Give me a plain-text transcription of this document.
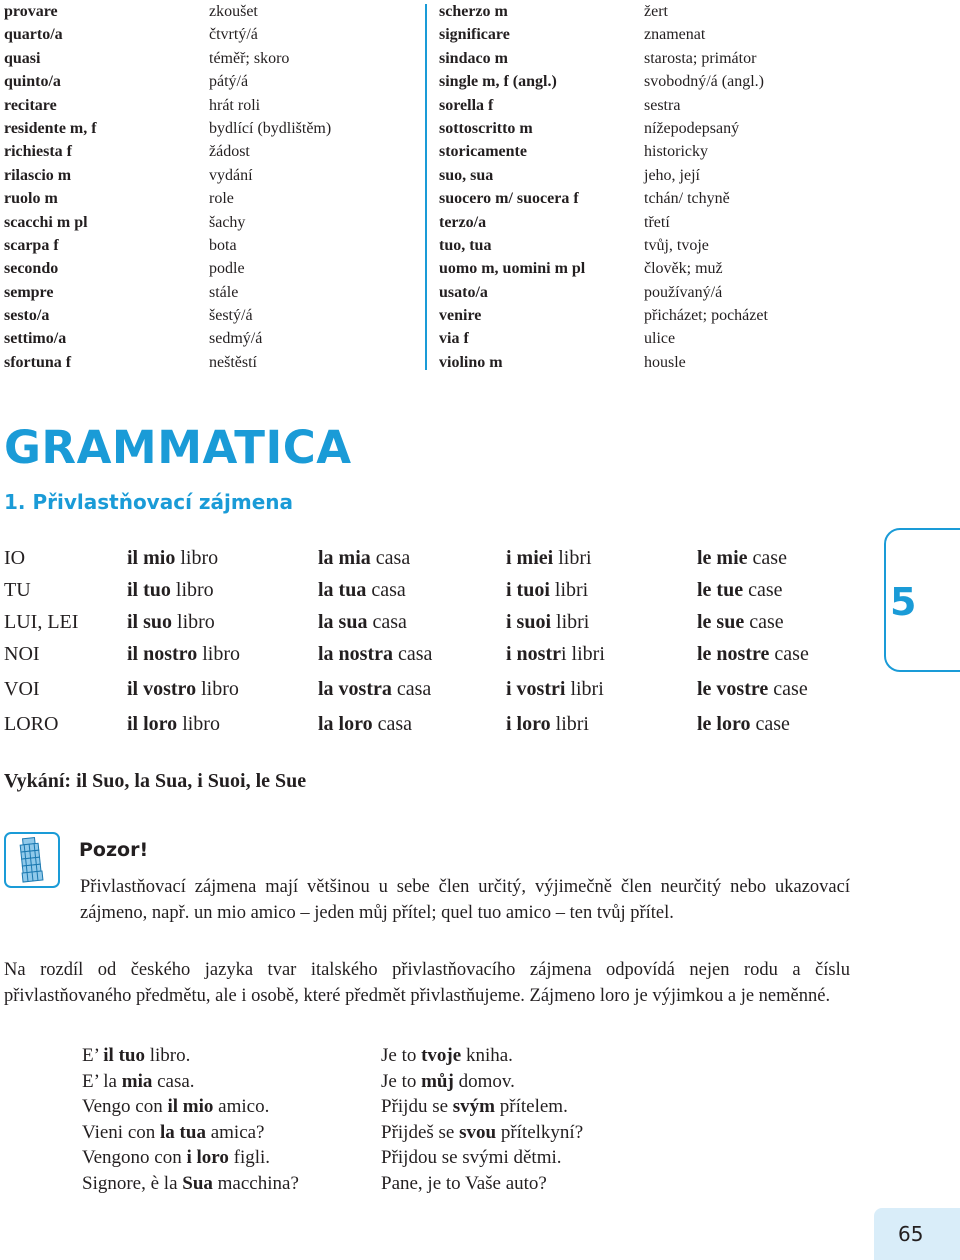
provare	zkoušet
quarto/a	čtvrtý/á
quasi	téměř; skoro
quinto/a	pátý/á
recitare	hrát roli
residente m, f	bydlící (bydlištěm)
richiesta f	žádost
rilascio m	vydání
ruolo m	role
scacchi m pl	šachy
scarpa f	bota
secondo	podle
sempre	stále
sesto/a	šestý/á
settimo/a	sedmý/á
sfortuna f	neštěstí
scherzo m	žert
significare	znamenat
sindaco m	starosta; primátor
single m, f (angl.)	svobodný/á (angl.)
sorella f	sestra
sottoscritto m	nížepodepsaný
storicamente	historicky
suo, sua	jeho, její
suocero m/ suocera f	tchán/ tchyně
terzo/a	třetí
tuo, tua	tvůj, tvoje
uomo m, uomini m pl	člověk; muž
usato/a	používaný/á
venire	přicházet; pocházet
via f	ulice
violino m	housle
GRAMMATICA
1. Přivlastňovací zájmena
IO	il mio libro	la mia casa	i miei libri	le mie case
TU	il tuo libro	la tua casa	i tuoi libri	le tue case
LUI, LEI	il suo libro	la sua casa	i suoi libri	le sue case
NOI	il nostro libro	la nostra casa	i nostri libri	le nostre case
VOI	il vostro libro	la vostra casa	i vostri libri	le vostre case
LORO	il loro libro	la loro casa	i loro libri	le loro case
5

Vykání: il Suo, la Sua, i Suoi, le Sue

Pozor!

Přivlastňovací zájmena mají většinou u sebe člen určitý, výjimečně člen neurčitý nebo ukazovací zájmeno, např. un mio amico – jeden můj přítel; quel tuo amico – ten tvůj přítel.

Na rozdíl od českého jazyka tvar italského přivlastňovacího zájmena odpovídá nejen rodu a číslu přivlastňovaného předmětu, ale i osobě, které předmět přivlastňujeme. Zájmeno loro je výjimkou a je neměnné.

E’ il tuo libro.	Je to tvoje kniha.
E’ la mia casa.	Je to můj domov.
Vengo con il mio amico.	Přijdu se svým přítelem.
Vieni con la tua amica?	Přijdeš se svou přítelkyní?
Vengono con i loro figli.	Přijdou se svými dětmi.
Signore, è la Sua macchina?	Pane, je to Vaše auto?
65
